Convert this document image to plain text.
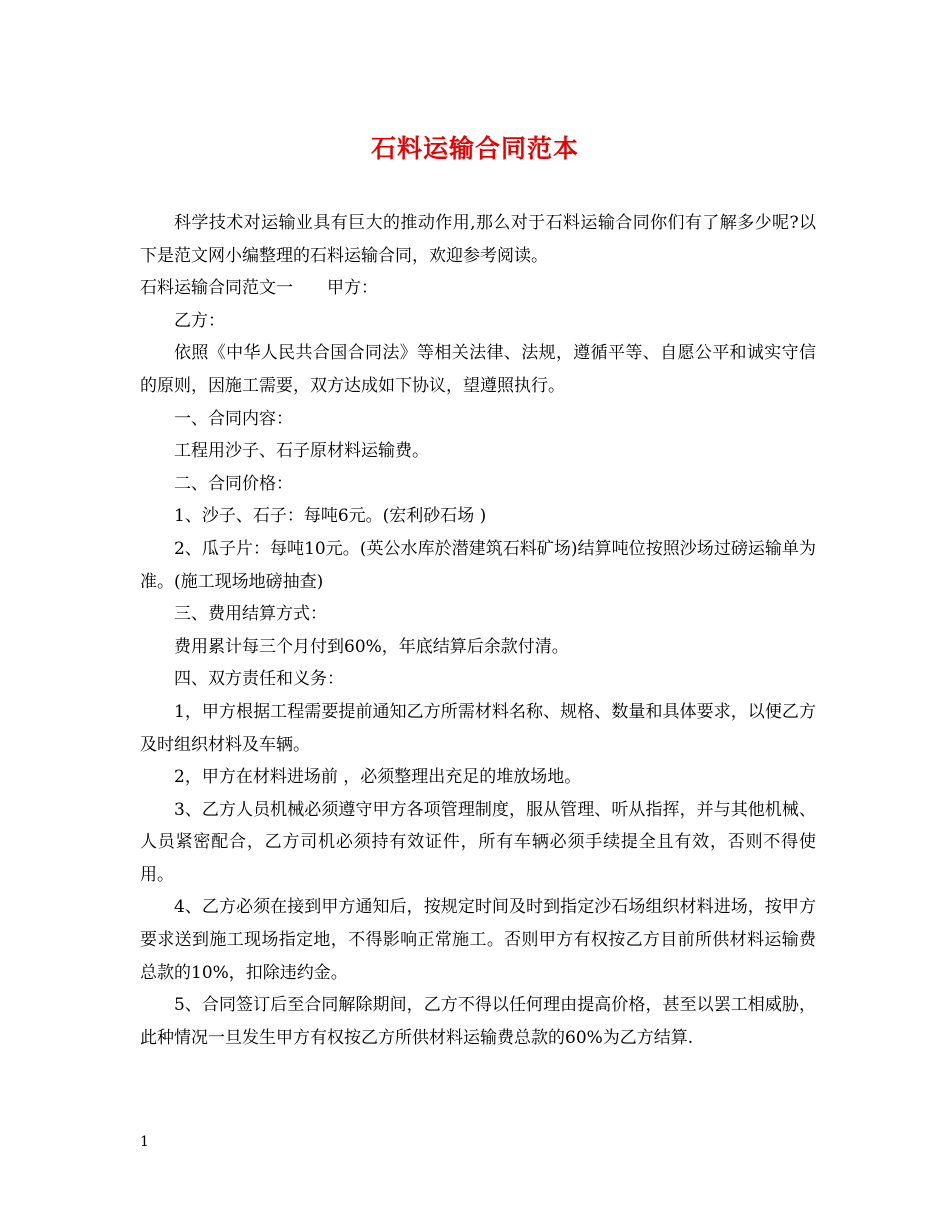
石料运输合同范本

科学技术对运输业具有巨大的推动作用,那么对于石料运输合同你们有了解多少呢?以下是范文网小编整理的石料运输合同，欢迎参考阅读。

石料运输合同范文一　　甲方：

乙方：

依照《中华人民共合国合同法》等相关法律、法规，遵循平等、自愿公平和诚实守信的原则，因施工需要，双方达成如下协议，望遵照执行。

一、合同内容：

工程用沙子、石子原材料运输费。

二、合同价格：

1、沙子、石子：每吨6元。(宏利砂石场 )

2、瓜子片：每吨10元。(英公水库於潜建筑石料矿场)结算吨位按照沙场过磅运输单为准。(施工现场地磅抽查)

三、费用结算方式：

费用累计每三个月付到60%，年底结算后余款付清。

四、双方责任和义务：

1，甲方根据工程需要提前通知乙方所需材料名称、规格、数量和具体要求，以便乙方及时组织材料及车辆。

2，甲方在材料进场前 ，必须整理出充足的堆放场地。

3、乙方人员机械必须遵守甲方各项管理制度，服从管理、听从指挥，并与其他机械、人员紧密配合，乙方司机必须持有效证件，所有车辆必须手续提全且有效，否则不得使用。

4、乙方必须在接到甲方通知后，按规定时间及时到指定沙石场组织材料进场，按甲方要求送到施工现场指定地，不得影响正常施工。否则甲方有权按乙方目前所供材料运输费总款的10%，扣除违约金。

5、合同签订后至合同解除期间，乙方不得以任何理由提高价格，甚至以罢工相威胁，此种情况一旦发生甲方有权按乙方所供材料运输费总款的60%为乙方结算.

1
